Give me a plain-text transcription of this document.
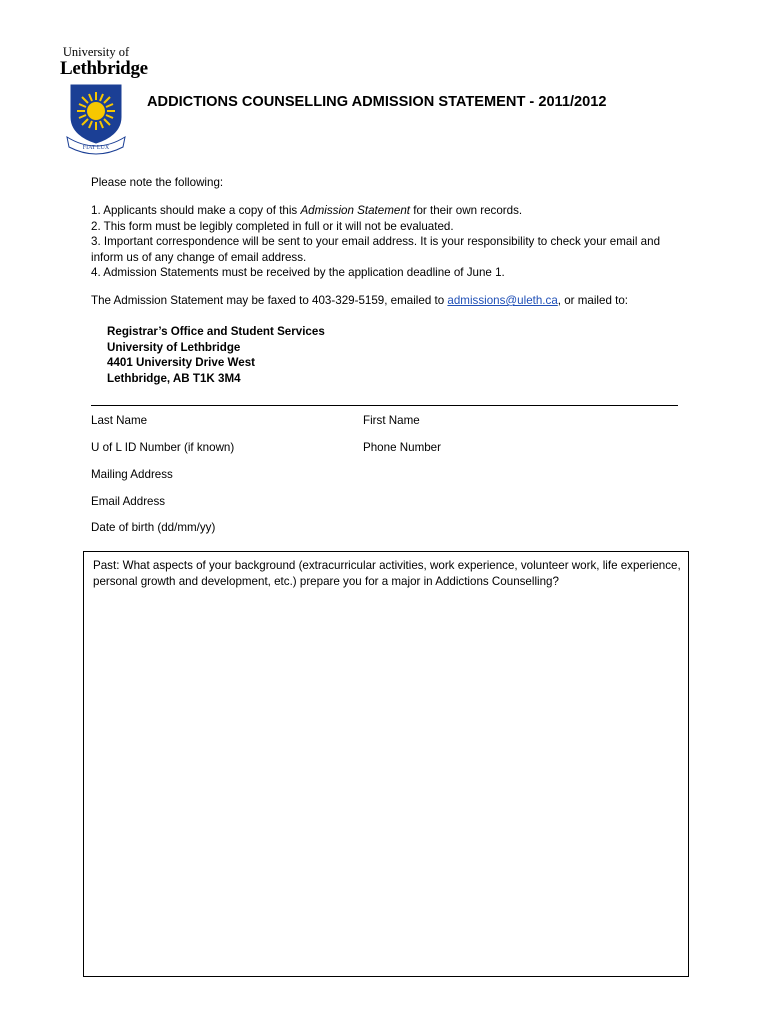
University of
Lethbridge
FIAT LUX
ADDICTIONS COUNSELLING ADMISSION STATEMENT - 2011/2012
Please note the following:
1. Applicants should make a copy of this Admission Statement for their own records.
2. This form must be legibly completed in full or it will not be evaluated.
3. Important correspondence will be sent to your email address. It is your responsibility to check your email and
inform us of any change of email address.
4. Admission Statements must be received by the application deadline of June 1.
The Admission Statement may be faxed to 403-329-5159, emailed to admissions@uleth.ca, or mailed to:
Registrar’s Office and Student Services
University of Lethbridge
4401 University Drive West
Lethbridge, AB T1K 3M4
Last Name	First Name
U of L ID Number (if known)	Phone Number
Mailing Address
Email Address
Date of birth (dd/mm/yy)
Past: What aspects of your background (extracurricular activities, work experience, volunteer work, life experience,
personal growth and development, etc.) prepare you for a major in Addictions Counselling?
